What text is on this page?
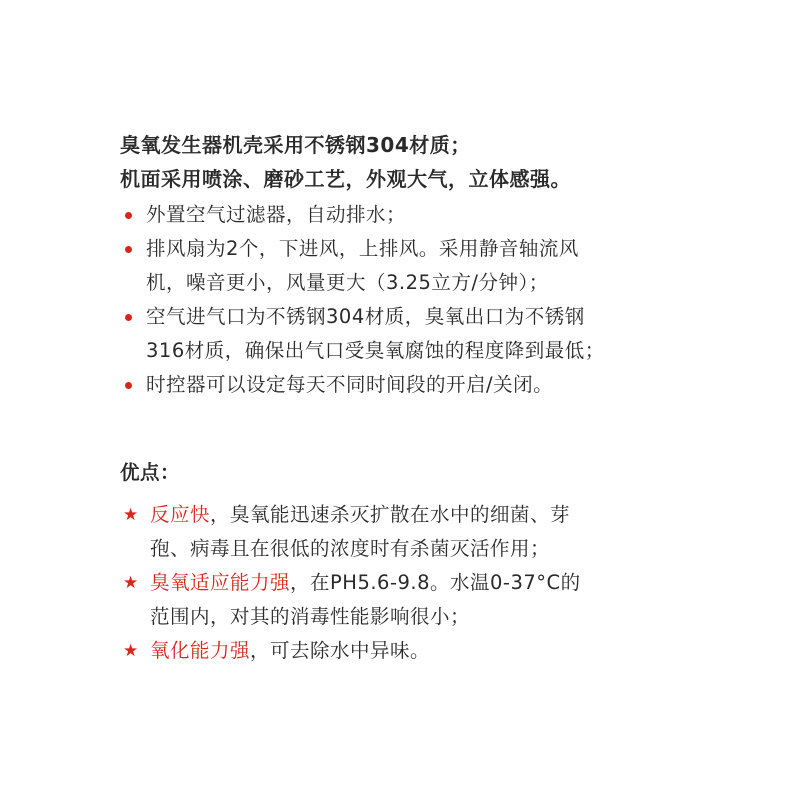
臭氧发生器机壳采用不锈钢304材质；
机面采用喷涂、磨砂工艺，外观大气，立体感强。
外置空气过滤器，自动排水；
排风扇为2个，下进风，上排风。采用静音轴流风
机，噪音更小，风量更大（3.25立方/分钟）；
空气进气口为不锈钢304材质，臭氧出口为不锈钢
316材质，确保出气口受臭氧腐蚀的程度降到最低；
时控器可以设定每天不同时间段的开启/关闭。
优点：
★ 反应快，臭氧能迅速杀灭扩散在水中的细菌、芽
孢、病毒且在很低的浓度时有杀菌灭活作用；
★ 臭氧适应能力强，在PH5.6-9.8。水温0-37°C的
范围内，对其的消毒性能影响很小；
★ 氧化能力强，可去除水中异味。
